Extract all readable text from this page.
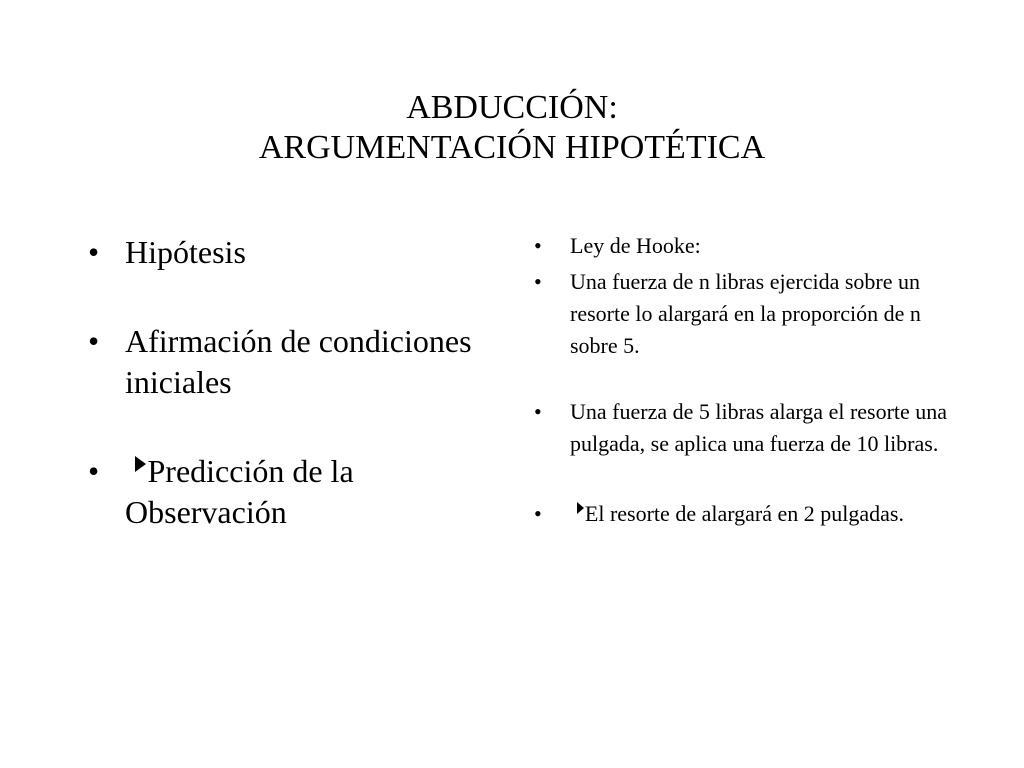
ABDUCCIÓN:
ARGUMENTACIÓN HIPOTÉTICA
• Hipótesis
• Afirmación de condiciones iniciales
• Predicción de la Observación
• Ley de Hooke:
• Una fuerza de n libras ejercida sobre un resorte lo alargará en la proporción de n sobre 5.
• Una fuerza de 5 libras alarga el resorte una pulgada, se aplica una fuerza de 10 libras.
• El resorte de alargará en 2 pulgadas.
